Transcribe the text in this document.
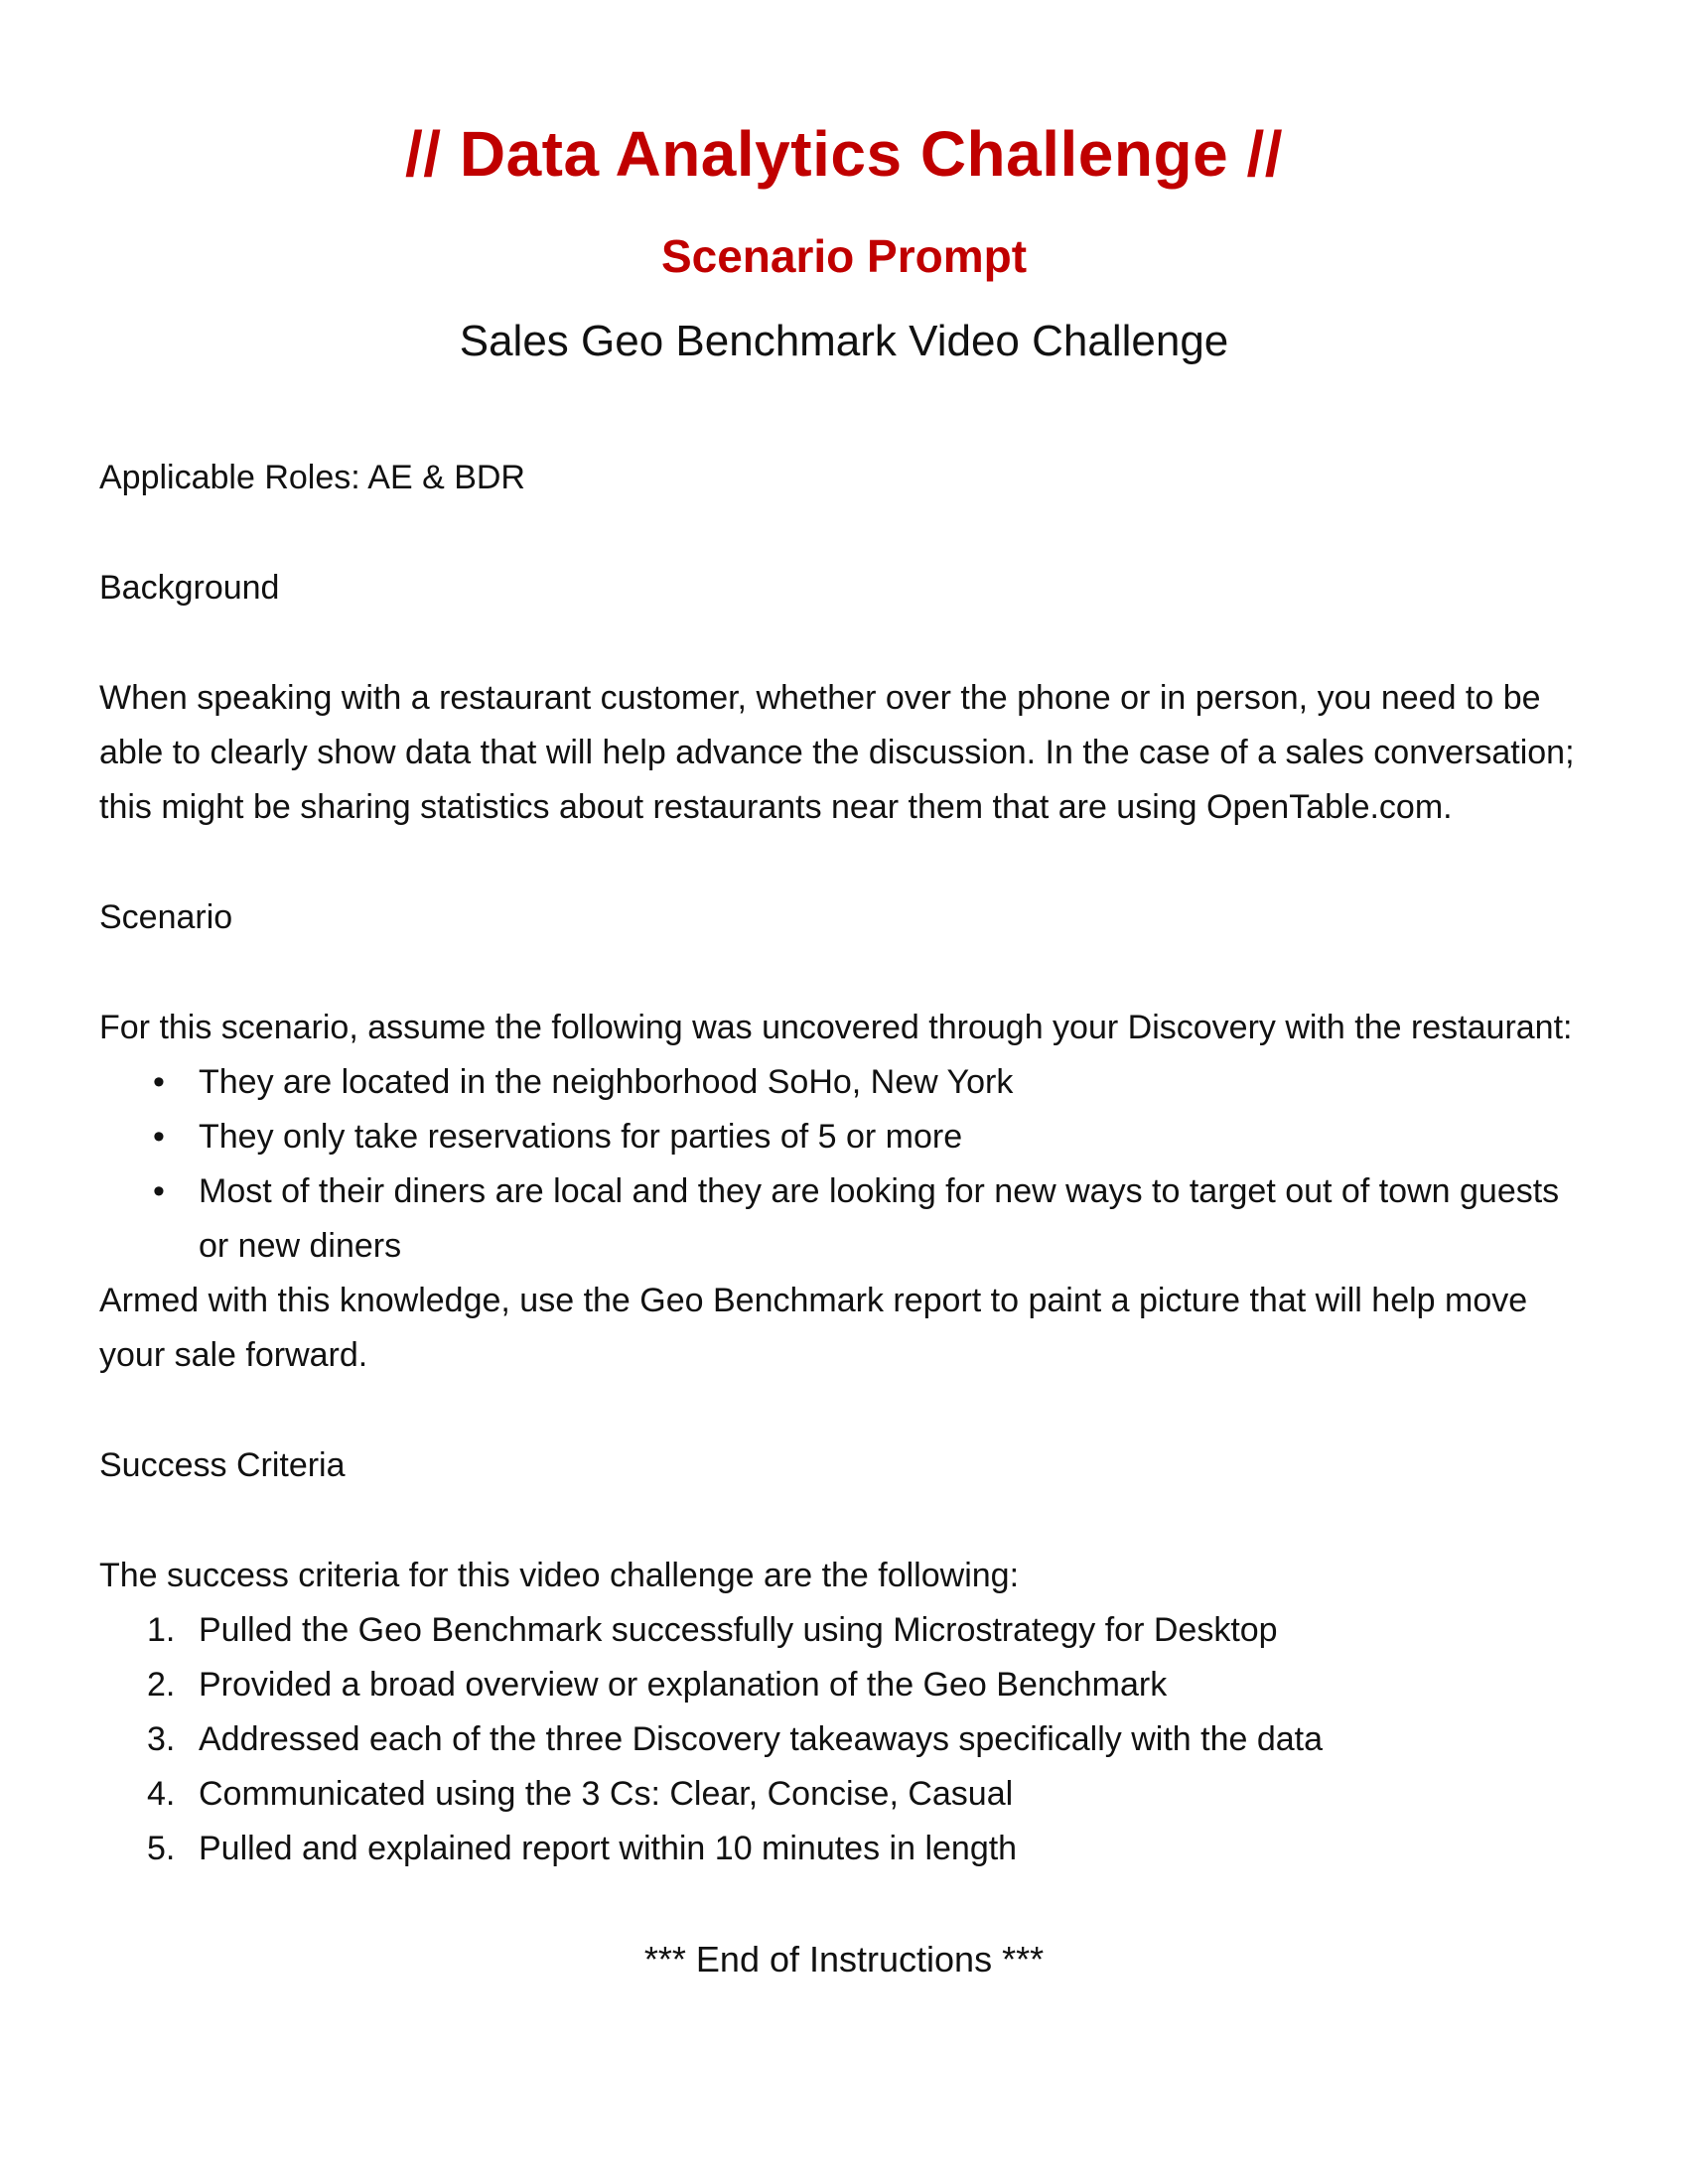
// Data Analytics Challenge //
Scenario Prompt
Sales Geo Benchmark Video Challenge

Applicable Roles: AE & BDR

Background

When speaking with a restaurant customer, whether over the phone or in person, you need to be able to clearly show data that will help advance the discussion. In the case of a sales conversation; this might be sharing statistics about restaurants near them that are using OpenTable.com.

Scenario

For this scenario, assume the following was uncovered through your Discovery with the restaurant:

• They are located in the neighborhood SoHo, New York
• They only take reservations for parties of 5 or more
• Most of their diners are local and they are looking for new ways to target out of town guests or new diners

Armed with this knowledge, use the Geo Benchmark report to paint a picture that will help move your sale forward.

Success Criteria

The success criteria for this video challenge are the following:

1. Pulled the Geo Benchmark successfully using Microstrategy for Desktop
2. Provided a broad overview or explanation of the Geo Benchmark
3. Addressed each of the three Discovery takeaways specifically with the data
4. Communicated using the 3 Cs: Clear, Concise, Casual
5. Pulled and explained report within 10 minutes in length

*** End of Instructions ***
